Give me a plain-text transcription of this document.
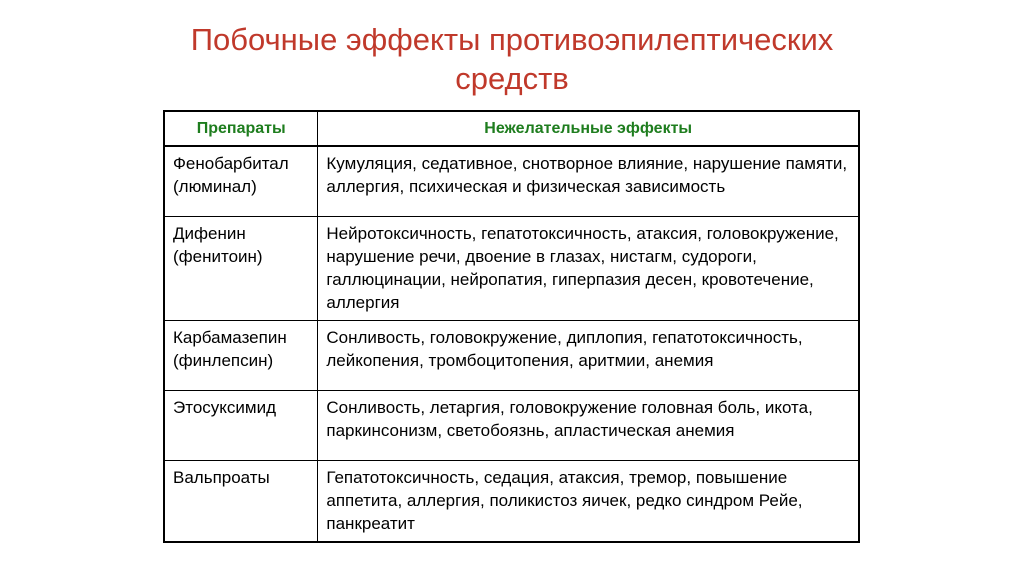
Побочные эффекты противоэпилептических
средств
Препараты	Нежелательные эффекты
Фенобарбитал (люминал)	Кумуляция, седативное, снотворное влияние, нарушение памяти, аллергия, психическая и физическая зависимость
Дифенин (фенитоин)	Нейротоксичность, гепатотоксичность, атаксия, головокружение, нарушение речи, двоение в глазах, нистагм, судороги, галлюцинации, нейропатия, гиперпазия десен, кровотечение, аллергия
Карбамазепин (финлепсин)	Сонливость, головокружение, диплопия, гепатотоксичность, лейкопения, тромбоцитопения, аритмии, анемия
Этосуксимид	Сонливость, летаргия, головокружение головная боль, икота, паркинсонизм, светобоязнь, апластическая анемия
Вальпроаты	Гепатотоксичность, седация, атаксия, тремор, повышение аппетита, аллергия, поликистоз яичек, редко синдром Рейе, панкреатит
